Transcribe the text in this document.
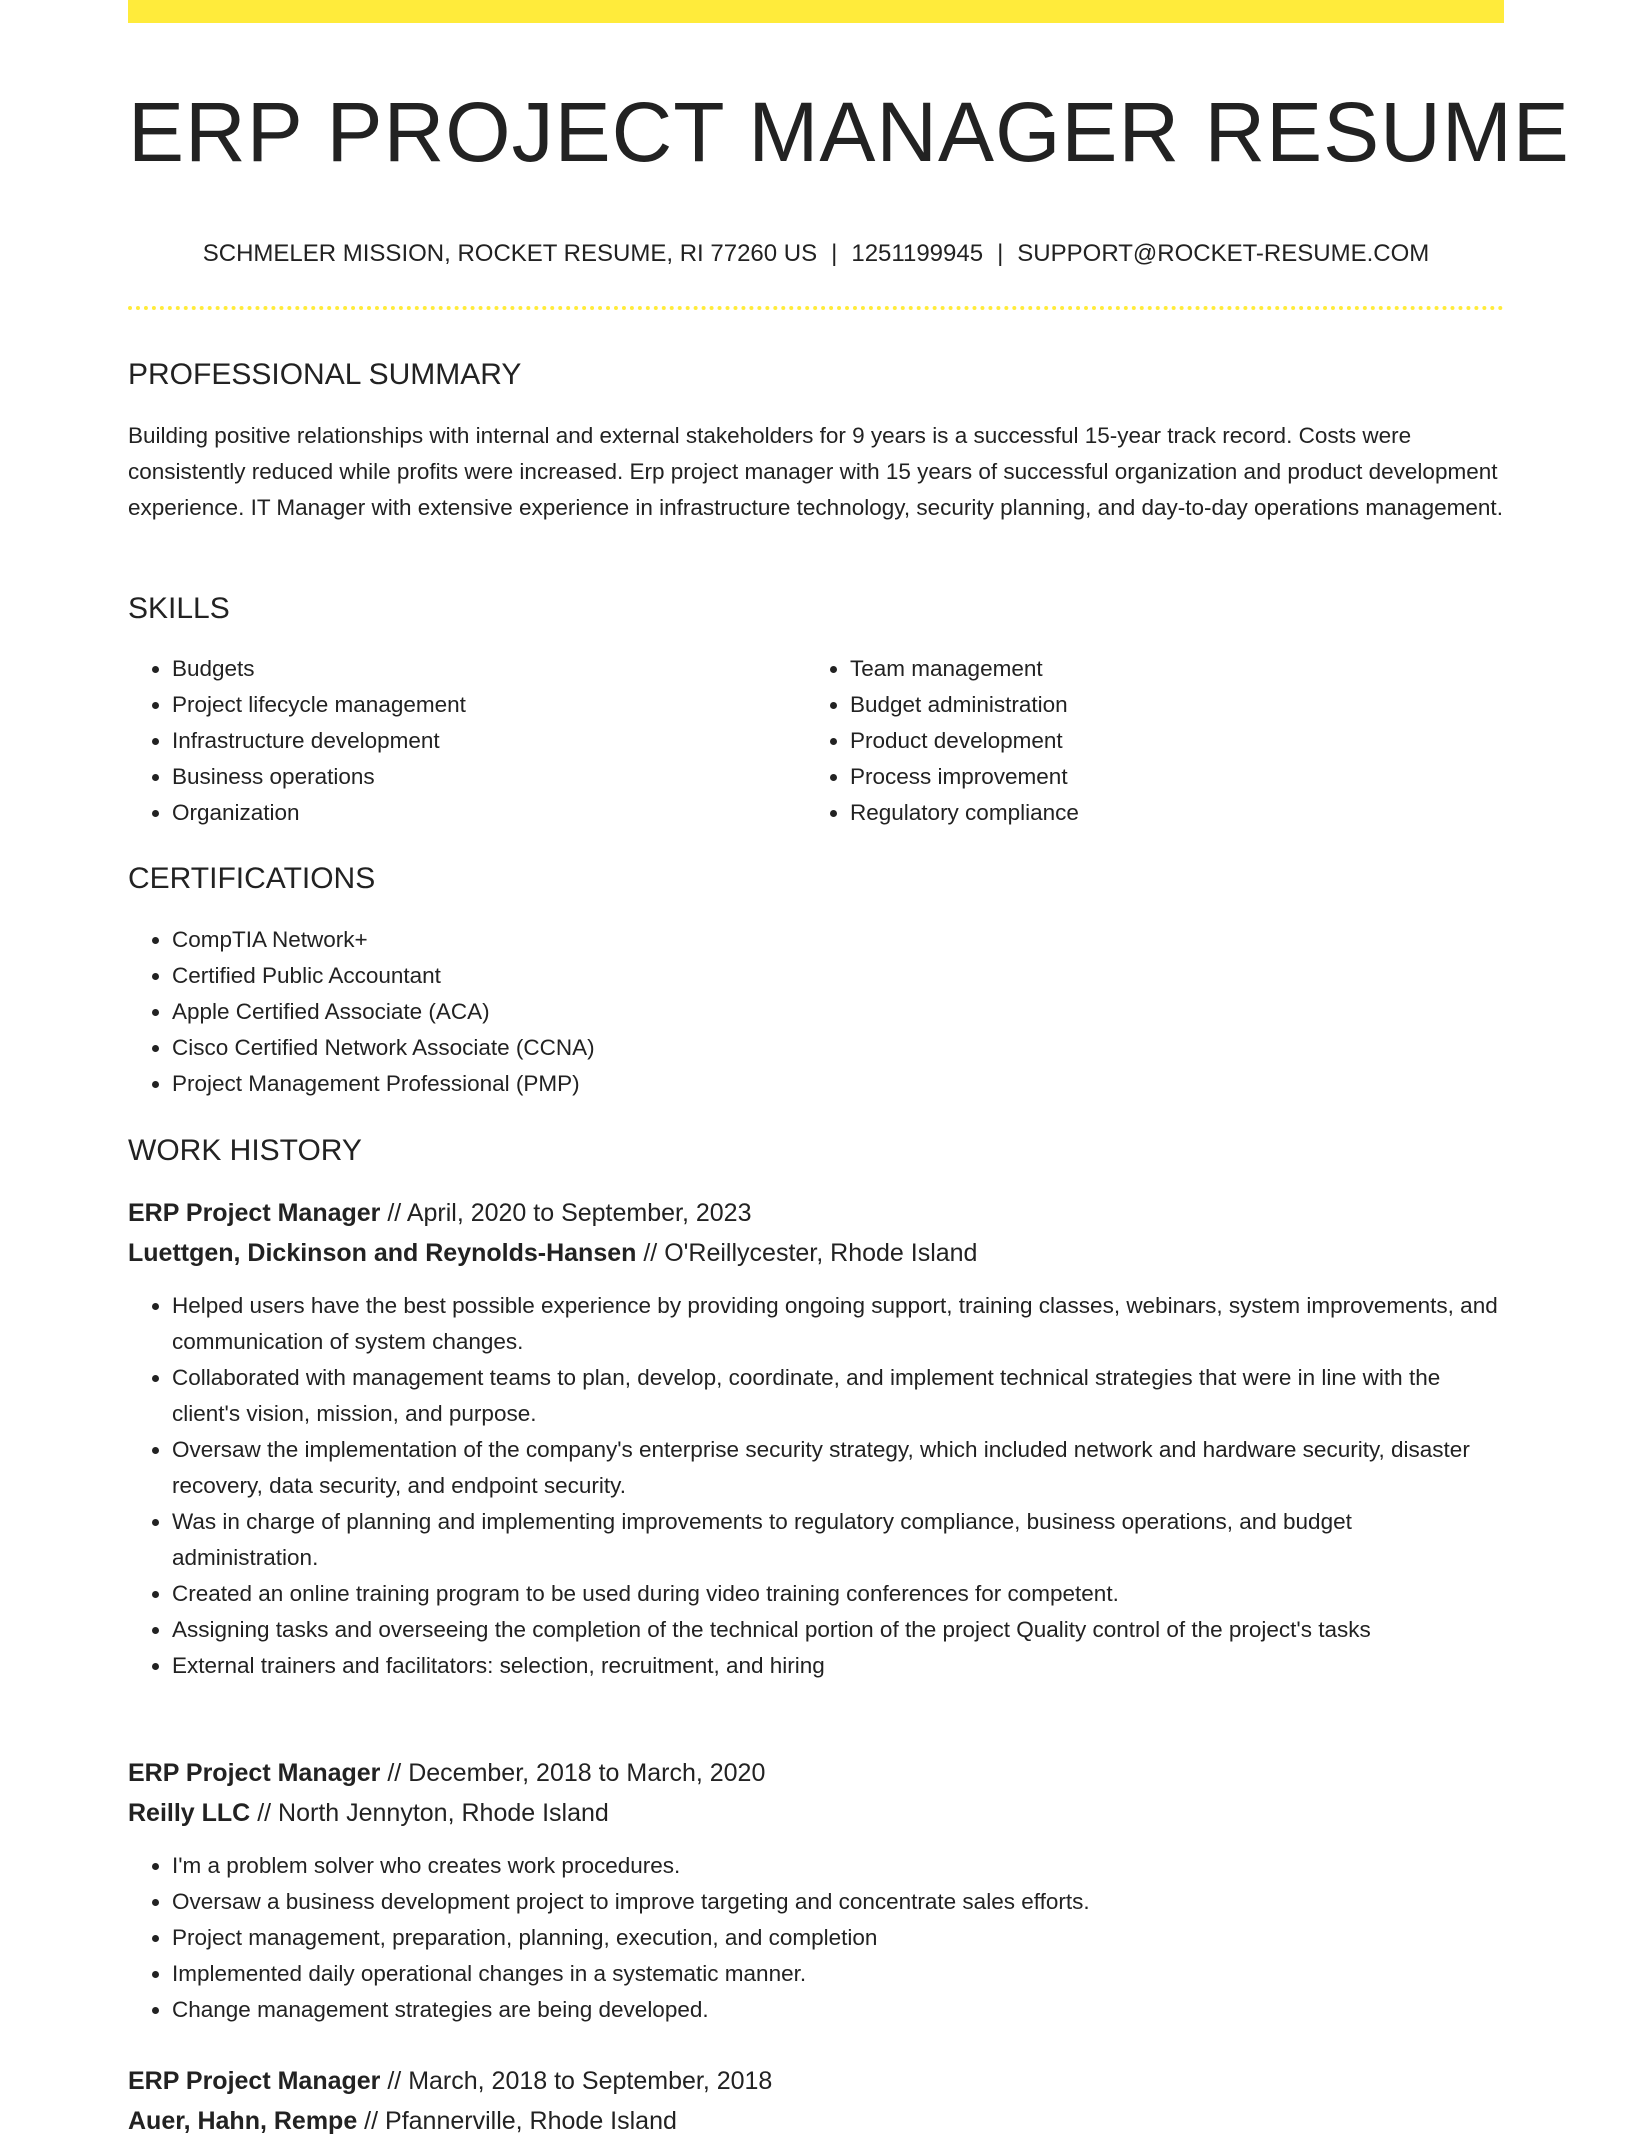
ERP PROJECT MANAGER RESUME
SCHMELER MISSION, ROCKET RESUME, RI 77260 US | 1251199945 | SUPPORT@ROCKET-RESUME.COM
PROFESSIONAL SUMMARY

Building positive relationships with internal and external stakeholders for 9 years is a successful 15-year track record. Costs were consistently reduced while profits were increased. Erp project manager with 15 years of successful organization and product development experience. IT Manager with extensive experience in infrastructure technology, security planning, and day-to-day operations management.

SKILLS
• Budgets
• Project lifecycle management
• Infrastructure development
• Business operations
• Organization
• Team management
• Budget administration
• Product development
• Process improvement
• Regulatory compliance
CERTIFICATIONS
• CompTIA Network+
• Certified Public Accountant
• Apple Certified Associate (ACA)
• Cisco Certified Network Associate (CCNA)
• Project Management Professional (PMP)
WORK HISTORY
ERP Project Manager // April, 2020 to September, 2023
Luettgen, Dickinson and Reynolds-Hansen // O'Reillycester, Rhode Island
• Helped users have the best possible experience by providing ongoing support, training classes, webinars, system improvements, and communication of system changes.
• Collaborated with management teams to plan, develop, coordinate, and implement technical strategies that were in line with the client's vision, mission, and purpose.
• Oversaw the implementation of the company's enterprise security strategy, which included network and hardware security, disaster recovery, data security, and endpoint security.
• Was in charge of planning and implementing improvements to regulatory compliance, business operations, and budget administration.
• Created an online training program to be used during video training conferences for competent.
• Assigning tasks and overseeing the completion of the technical portion of the project Quality control of the project's tasks
• External trainers and facilitators: selection, recruitment, and hiring
ERP Project Manager // December, 2018 to March, 2020
Reilly LLC // North Jennyton, Rhode Island
• I'm a problem solver who creates work procedures.
• Oversaw a business development project to improve targeting and concentrate sales efforts.
• Project management, preparation, planning, execution, and completion
• Implemented daily operational changes in a systematic manner.
• Change management strategies are being developed.
ERP Project Manager // March, 2018 to September, 2018
Auer, Hahn, Rempe // Pfannerville, Rhode Island
